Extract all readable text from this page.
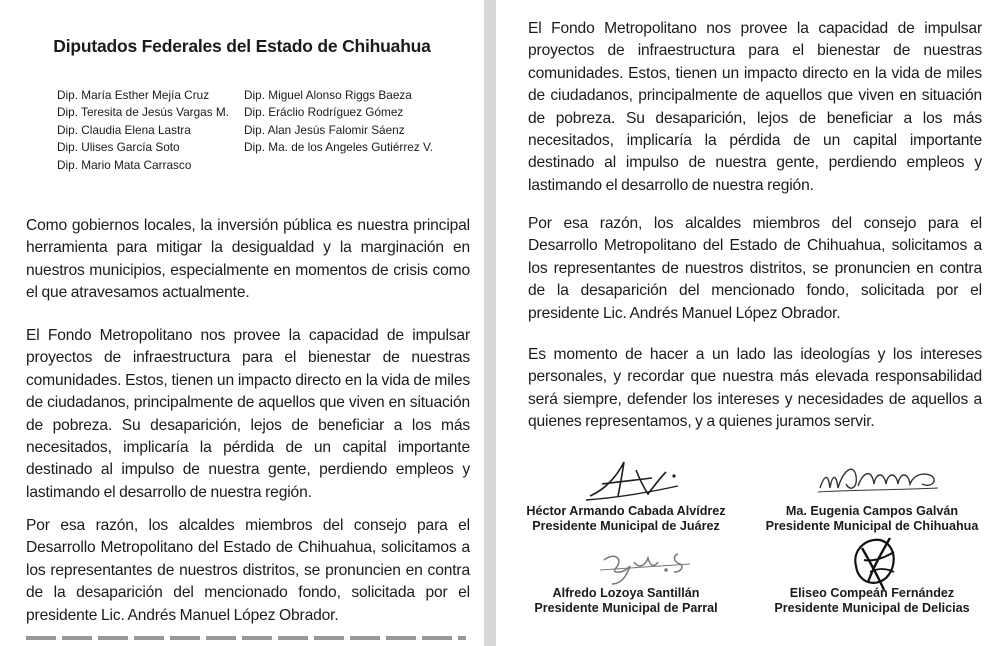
Diputados Federales del Estado de Chihuahua
Dip. María Esther Mejía Cruz
Dip. Teresita de Jesús Vargas M.
Dip. Claudia Elena Lastra
Dip. Ulises García Soto
Dip. Mario Mata Carrasco
Dip. Miguel Alonso Riggs Baeza
Dip. Eráclio Rodríguez Gómez
Dip. Alan Jesús Falomir Sáenz
Dip. Ma. de los Angeles Gutiérrez V.

Como gobiernos locales, la inversión pública es nuestra principal herramienta para mitigar la desigualdad y la marginación en nuestros municipios, especialmente en momentos de crisis como el que atravesamos actualmente.

El Fondo Metropolitano nos provee la capacidad de impulsar proyectos de infraestructura para el bienestar de nuestras comunidades. Estos, tienen un impacto directo en la vida de miles de ciudadanos, principalmente de aquellos que viven en situación de pobreza. Su desaparición, lejos de beneficiar a los más necesitados, implicaría la pérdida de un capital importante destinado al impulso de nuestra gente, perdiendo empleos y lastimando el desarrollo de nuestra región.

Por esa razón, los alcaldes miembros del consejo para el Desarrollo Metropolitano del Estado de Chihuahua, solicitamos a los representantes de nuestros distritos, se pronuncien en contra de la desaparición del mencionado fondo, solicitada por el presidente Lic. Andrés Manuel López Obrador.

El Fondo Metropolitano nos provee la capacidad de impulsar proyectos de infraestructura para el bienestar de nuestras comunidades. Estos, tienen un impacto directo en la vida de miles de ciudadanos, principalmente de aquellos que viven en situación de pobreza. Su desaparición, lejos de beneficiar a los más necesitados, implicaría la pérdida de un capital importante destinado al impulso de nuestra gente, perdiendo empleos y lastimando el desarrollo de nuestra región.

Por esa razón, los alcaldes miembros del consejo para el Desarrollo Metropolitano del Estado de Chihuahua, solicitamos a los representantes de nuestros distritos, se pronuncien en contra de la desaparición del mencionado fondo, solicitada por el presidente Lic. Andrés Manuel López Obrador.

Es momento de hacer a un lado las ideologías y los intereses personales, y recordar que nuestra más elevada responsabilidad será siempre, defender los intereses y necesidades de aquellos a quienes representamos, y a quienes juramos servir.

Héctor Armando Cabada Alvídrez
Presidente Municipal de Juárez
Ma. Eugenia Campos Galván
Presidente Municipal de Chihuahua
Alfredo Lozoya Santillán
Presidente Municipal de Parral
Eliseo Compeán Fernández
Presidente Municipal de Delicias
